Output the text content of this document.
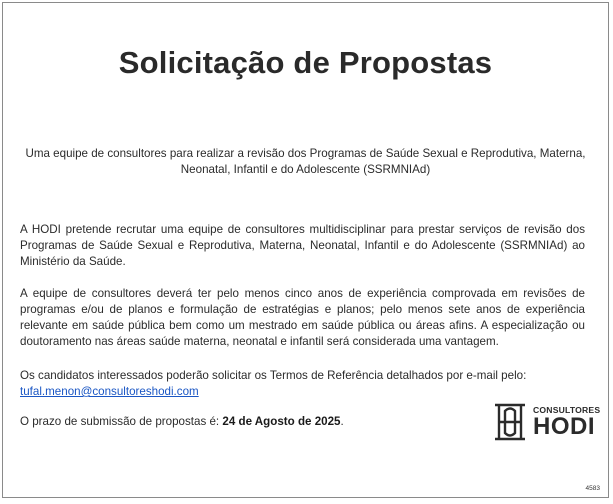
Solicitação de Propostas
Uma equipe de consultores para realizar a revisão dos Programas de Saúde Sexual e Reprodutiva, Materna, Neonatal, Infantil e do Adolescente (SSRMNIAd)
A HODI pretende recrutar uma equipe de consultores multidisciplinar para prestar serviços de revisão dos Programas de Saúde Sexual e Reprodutiva, Materna, Neonatal, Infantil e do Adolescente (SSRMNIAd) ao Ministério da Saúde.
A equipe de consultores deverá ter pelo menos cinco anos de experiência comprovada em revisões de programas e/ou de planos e formulação de estratégias e planos; pelo menos sete anos de experiência relevante em saúde pública bem como um mestrado em saúde pública ou áreas afins. A especialização ou doutoramento nas áreas saúde materna, neonatal e infantil será considerada uma vantagem.
Os candidatos interessados poderão solicitar os Termos de Referência detalhados por e-mail pelo:
tufal.menon@consultoreshodi.com
O prazo de submissão de propostas é: 24 de Agosto de 2025.
CONSULTORES
HODI
4583
